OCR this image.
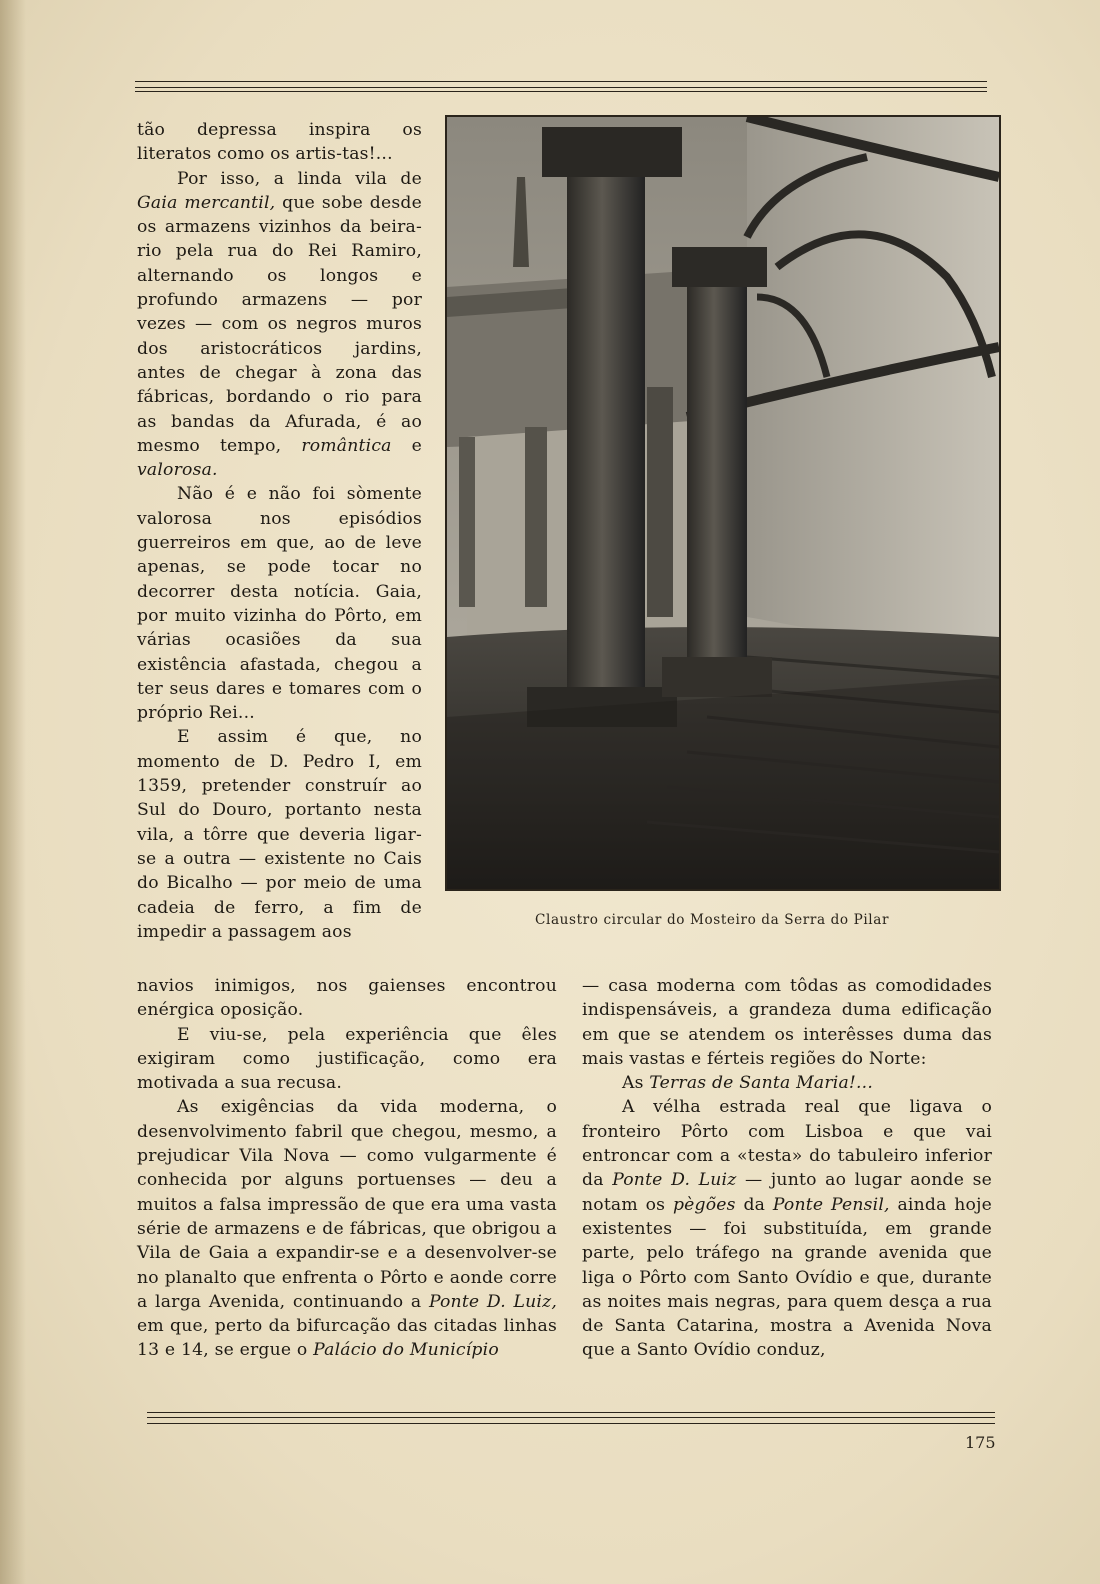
tão depressa inspira os literatos como os artis-tas!...

Por isso, a linda vila de Gaia mercantil, que sobe desde os armazens vizinhos da beira-rio pela rua do Rei Ramiro, alternando os longos e profundo armazens — por vezes — com os negros muros dos aristocráticos jardins, antes de chegar à zona das fábricas, bordando o rio para as bandas da Afurada, é ao mesmo tempo, romântica e valorosa.

Não é e não foi sòmente valorosa nos episódios guerreiros em que, ao de leve apenas, se pode tocar no decorrer desta notícia. Gaia, por muito vizinha do Pôrto, em várias ocasiões da sua existência afastada, chegou a ter seus dares e tomares com o próprio Rei...

E assim é que, no momento de D. Pedro I, em 1359, pretender construír ao Sul do Douro, portanto nesta vila, a tôrre que deveria ligar-se a outra — existente no Cais do Bicalho — por meio de uma cadeia de ferro, a fim de impedir a passagem aos

Claustro circular do Mosteiro da Serra do Pilar

navios inimigos, nos gaienses encontrou enérgica oposição.

E viu-se, pela experiência que êles exigiram como justificação, como era motivada a sua recusa.

As exigências da vida moderna, o desenvolvimento fabril que chegou, mesmo, a prejudicar Vila Nova — como vulgarmente é conhecida por alguns portuenses — deu a muitos a falsa impressão de que era uma vasta série de armazens e de fábricas, que obrigou a Vila de Gaia a expandir-se e a desenvolver-se no planalto que enfrenta o Pôrto e aonde corre a larga Avenida, continuando a Ponte D. Luiz, em que, perto da bifurcação das citadas linhas 13 e 14, se ergue o Palácio do Município

— casa moderna com tôdas as comodidades indispensáveis, a grandeza duma edificação em que se atendem os interêsses duma das mais vastas e férteis regiões do Norte:

As Terras de Santa Maria!...

A vélha estrada real que ligava o fronteiro Pôrto com Lisboa e que vai entroncar com a «testa» do tabuleiro inferior da Ponte D. Luiz — junto ao lugar aonde se notam os pègões da Ponte Pensil, ainda hoje existentes — foi substituída, em grande parte, pelo tráfego na grande avenida que liga o Pôrto com Santo Ovídio e que, durante as noites mais negras, para quem desça a rua de Santa Catarina, mostra a Avenida Nova que a Santo Ovídio conduz,

175
